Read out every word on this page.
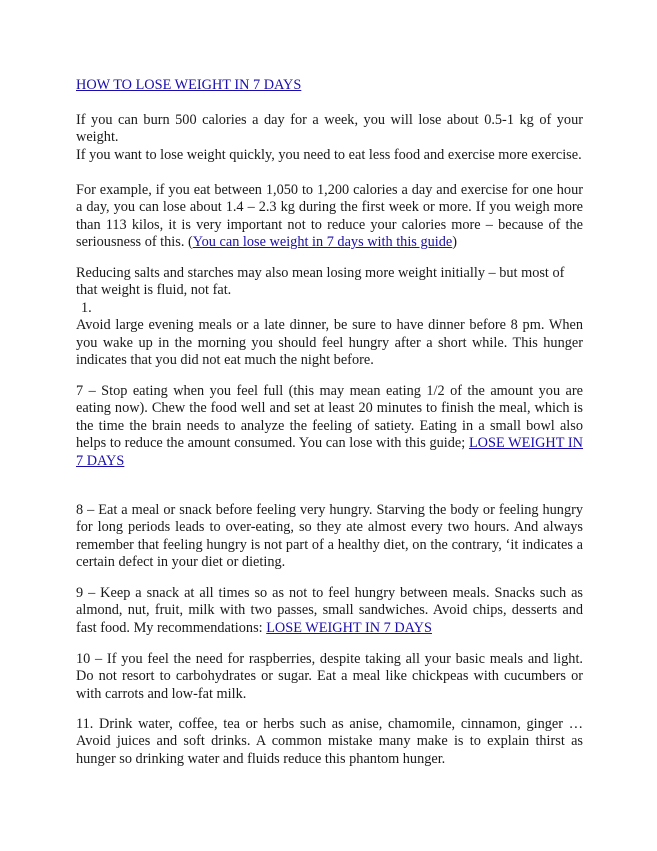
HOW TO LOSE WEIGHT IN 7 DAYS

If you can burn 500 calories a day for a week, you will lose about 0.5-1 kg of your weight.

If you want to lose weight quickly, you need to eat less food and exercise more exercise.

For example, if you eat between 1,050 to 1,200 calories a day and exercise for one hour a day, you can lose about 1.4 – 2.3 kg during the first week or more. If you weigh more than 113 kilos, it is very important not to reduce your calories more – because of the seriousness of this. (You can lose weight in 7 days with this guide)

Reducing salts and starches may also mean losing more weight initially – but most of that weight is fluid, not fat.

1.
Avoid large evening meals or a late dinner, be sure to have dinner before 8 pm. When you wake up in the morning you should feel hungry after a short while. This hunger indicates that you did not eat much the night before.

7 – Stop eating when you feel full (this may mean eating 1/2 of the amount you are eating now). Chew the food well and set at least 20 minutes to finish the meal, which is the time the brain needs to analyze the feeling of satiety. Eating in a small bowl also helps to reduce the amount consumed. You can lose with this guide; LOSE WEIGHT IN 7 DAYS

8 – Eat a meal or snack before feeling very hungry. Starving the body or feeling hungry for long periods leads to over-eating, so they ate almost every two hours. And always remember that feeling hungry is not part of a healthy diet, on the contrary, ‘it indicates a certain defect in your diet or dieting.

9 – Keep a snack at all times so as not to feel hungry between meals. Snacks such as almond, nut, fruit, milk with two passes, small sandwiches. Avoid chips, desserts and fast food. My recommendations: LOSE WEIGHT IN 7 DAYS

10 – If you feel the need for raspberries, despite taking all your basic meals and light. Do not resort to carbohydrates or sugar. Eat a meal like chickpeas with cucumbers or with carrots and low-fat milk.

11. Drink water, coffee, tea or herbs such as anise, chamomile, cinnamon, ginger … Avoid juices and soft drinks. A common mistake many make is to explain thirst as hunger so drinking water and fluids reduce this phantom hunger.
